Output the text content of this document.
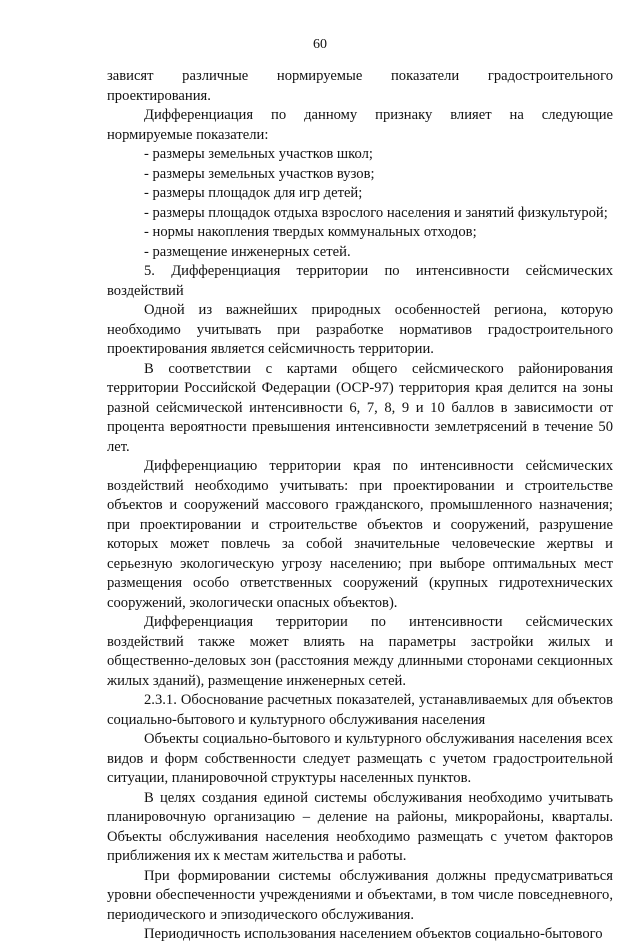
60

зависят различные нормируемые показатели градостроительного проектирования.

Дифференциация по данному признаку влияет на следующие нормируемые показатели:

- размеры земельных участков школ;

- размеры земельных участков вузов;

- размеры площадок для игр детей;

- размеры площадок отдыха взрослого населения и занятий физкультурой;

- нормы накопления твердых коммунальных отходов;

- размещение инженерных сетей.

5. Дифференциация территории по интенсивности сейсмических воздействий

Одной из важнейших природных особенностей региона, которую необходимо учитывать при разработке нормативов градостроительного проектирования является сейсмичность территории.

В соответствии с картами общего сейсмического районирования территории Российской Федерации (ОСР-97) территория края делится на зоны разной сейсмической интенсивности 6, 7, 8, 9 и 10 баллов в зависимости от процента вероятности превышения интенсивности землетрясений в течение 50 лет.

Дифференциацию территории края по интенсивности сейсмических воздействий необходимо учитывать: при проектировании и строительстве объектов и сооружений массового гражданского, промышленного назначения; при проектировании и строительстве объектов и сооружений, разрушение которых может повлечь за собой значительные человеческие жертвы и серьезную экологическую угрозу населению; при выборе оптимальных мест размещения особо ответственных сооружений (крупных гидротехнических сооружений, экологически опасных объектов).

Дифференциация территории по интенсивности сейсмических воздействий также может влиять на параметры застройки жилых и общественно-деловых зон (расстояния между длинными сторонами секционных жилых зданий), размещение инженерных сетей.

2.3.1. Обоснование расчетных показателей, устанавливаемых для объектов социально-бытового и культурного обслуживания населения

Объекты социально-бытового и культурного обслуживания населения всех видов и форм собственности следует размещать с учетом градостроительной ситуации, планировочной структуры населенных пунктов.

В целях создания единой системы обслуживания необходимо учитывать планировочную организацию – деление на районы, микрорайоны, кварталы. Объекты обслуживания населения необходимо размещать с учетом факторов приближения их к местам жительства и работы.

При формировании системы обслуживания должны предусматриваться уровни обеспеченности учреждениями и объектами, в том числе повседневного, периодического и эпизодического обслуживания.

Периодичность использования населением объектов социально-бытового
